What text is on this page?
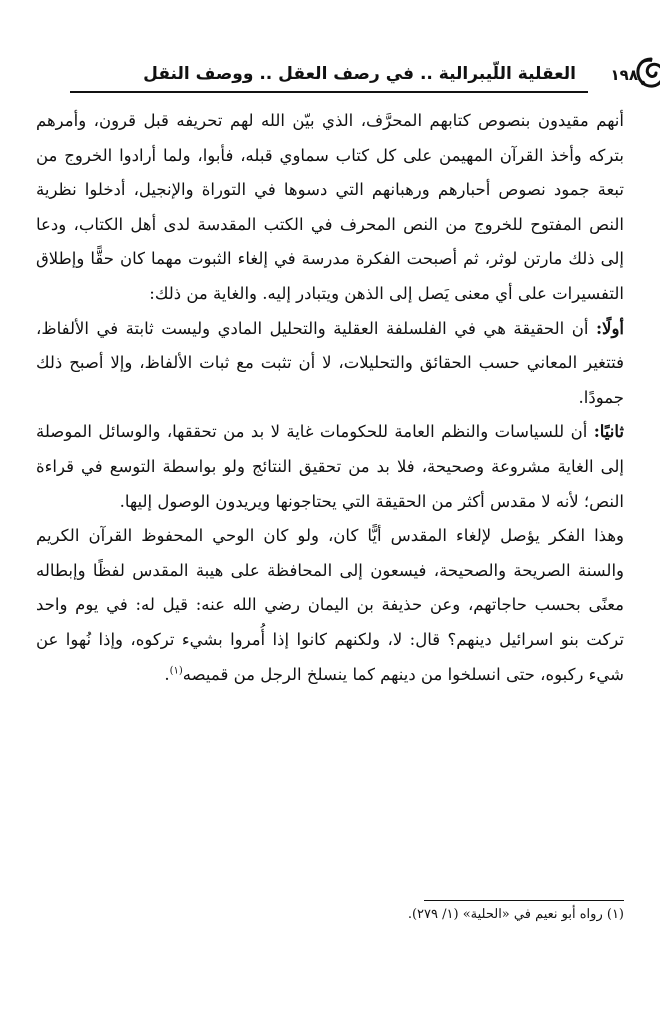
١٩٨
العقلية اللّيبرالية .. في رصف العقل .. ووصف النقل

أنهم مقيدون بنصوص كتابهم المحرَّف، الذي بيّن الله لهم تحريفه قبل قرون، وأمرهم بتركه وأخذ القرآن المهيمن على كل كتاب سماوي قبله، فأبوا، ولما أرادوا الخروج من تبعة جمود نصوص أحبارهم ورهبانهم التي دسوها في التوراة والإنجيل، أدخلوا نظرية النص المفتوح للخروج من النص المحرف في الكتب المقدسة لدى أهل الكتاب، ودعا إلى ذلك مارتن لوثر، ثم أصبحت الفكرة مدرسة في إلغاء الثبوت مهما كان حقًّا وإطلاق التفسيرات على أي معنى يَصل إلى الذهن ويتبادر إليه. والغاية من ذلك:

أولًا: أن الحقيقة هي في الفلسلفة العقلية والتحليل المادي وليست ثابتة في الألفاظ، فتتغير المعاني حسب الحقائق والتحليلات، لا أن تثبت مع ثبات الألفاظ، وإلا أصبح ذلك جمودًا.

ثانيًا: أن للسياسات والنظم العامة للحكومات غاية لا بد من تحققها، والوسائل الموصلة إلى الغاية مشروعة وصحيحة، فلا بد من تحقيق النتائج ولو بواسطة التوسع في قراءة النص؛ لأنه لا مقدس أكثر من الحقيقة التي يحتاجونها ويريدون الوصول إليها.

وهذا الفكر يؤصل لإلغاء المقدس أيًّا كان، ولو كان الوحي المحفوظ القرآن الكريم والسنة الصريحة والصحيحة، فيسعون إلى المحافظة على هيبة المقدس لفظًا وإبطاله معنًى بحسب حاجاتهم، وعن حذيفة بن اليمان رضي الله عنه: قيل له: في يوم واحد تركت بنو اسرائيل دينهم؟ قال: لا، ولكنهم كانوا إذا أُمروا بشيء تركوه، وإذا نُهوا عن شيء ركبوه، حتى انسلخوا من دينهم كما ينسلخ الرجل من قميصه$^{(١)}$.

(١) رواه أبو نعيم في «الحلية» (١/ ٢٧٩).
